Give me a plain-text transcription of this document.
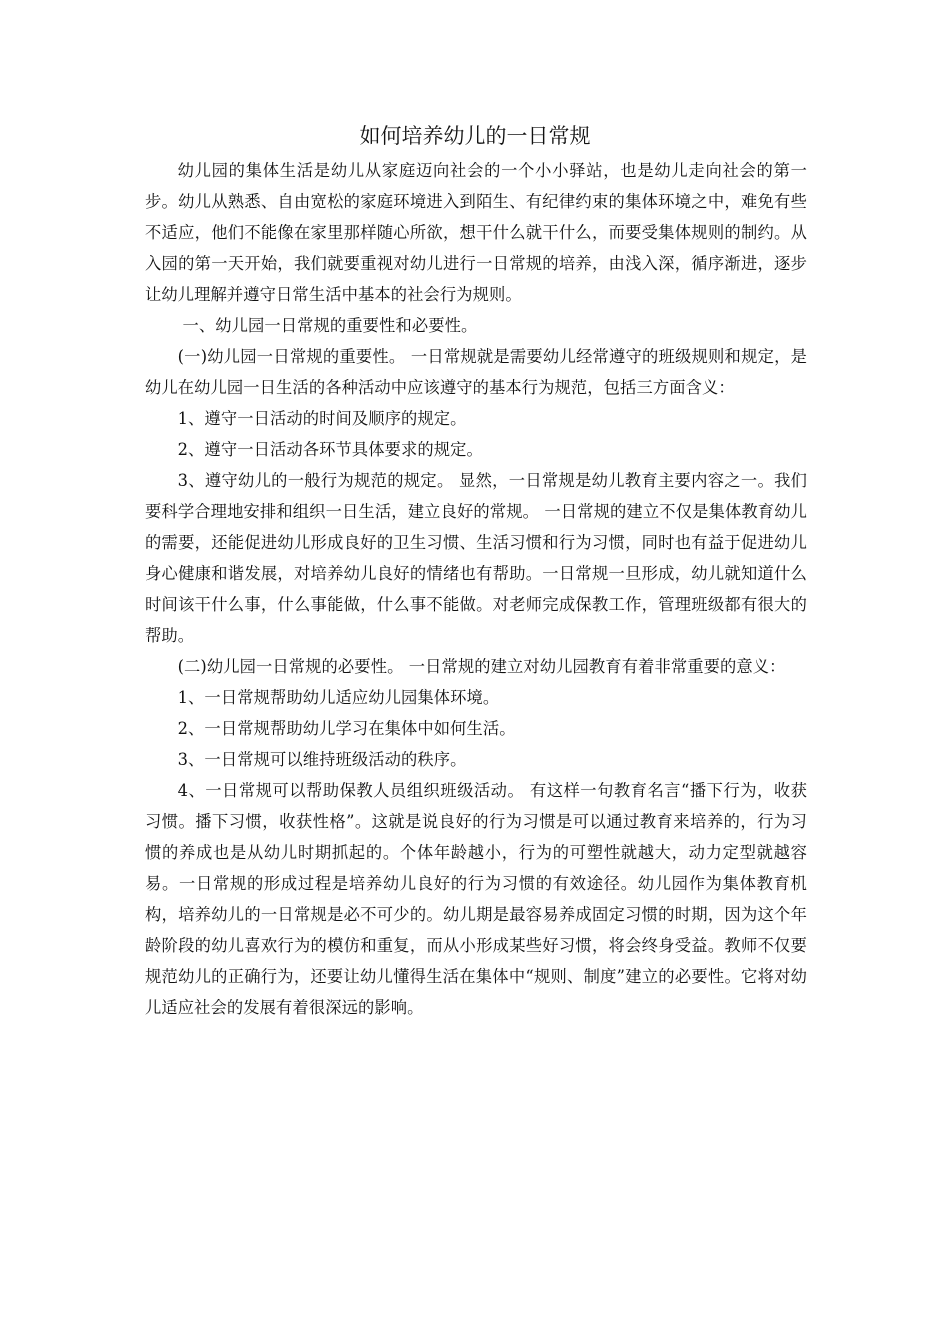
如何培养幼儿的一日常规

幼儿园的集体生活是幼儿从家庭迈向社会的一个小小驿站，也是幼儿走向社会的第一步。幼儿从熟悉、自由宽松的家庭环境进入到陌生、有纪律约束的集体环境之中，难免有些不适应，他们不能像在家里那样随心所欲，想干什么就干什么，而要受集体规则的制约。从入园的第一天开始，我们就要重视对幼儿进行一日常规的培养，由浅入深，循序渐进，逐步让幼儿理解并遵守日常生活中基本的社会行为规则。

一、幼儿园一日常规的重要性和必要性。

(一)幼儿园一日常规的重要性。 一日常规就是需要幼儿经常遵守的班级规则和规定，是幼儿在幼儿园一日生活的各种活动中应该遵守的基本行为规范，包括三方面含义：

1、遵守一日活动的时间及顺序的规定。

2、遵守一日活动各环节具体要求的规定。

3、遵守幼儿的一般行为规范的规定。 显然，一日常规是幼儿教育主要内容之一。我们要科学合理地安排和组织一日生活，建立良好的常规。 一日常规的建立不仅是集体教育幼儿的需要，还能促进幼儿形成良好的卫生习惯、生活习惯和行为习惯，同时也有益于促进幼儿身心健康和谐发展，对培养幼儿良好的情绪也有帮助。一日常规一旦形成，幼儿就知道什么时间该干什么事，什么事能做，什么事不能做。对老师完成保教工作，管理班级都有很大的帮助。

(二)幼儿园一日常规的必要性。 一日常规的建立对幼儿园教育有着非常重要的意义：

1、一日常规帮助幼儿适应幼儿园集体环境。

2、一日常规帮助幼儿学习在集体中如何生活。

3、一日常规可以维持班级活动的秩序。

4、一日常规可以帮助保教人员组织班级活动。 有这样一句教育名言“播下行为，收获习惯。播下习惯，收获性格”。这就是说良好的行为习惯是可以通过教育来培养的，行为习惯的养成也是从幼儿时期抓起的。个体年龄越小，行为的可塑性就越大，动力定型就越容易。一日常规的形成过程是培养幼儿良好的行为习惯的有效途径。幼儿园作为集体教育机构，培养幼儿的一日常规是必不可少的。幼儿期是最容易养成固定习惯的时期，因为这个年龄阶段的幼儿喜欢行为的模仿和重复，而从小形成某些好习惯，将会终身受益。教师不仅要规范幼儿的正确行为，还要让幼儿懂得生活在集体中“规则、制度”建立的必要性。它将对幼儿适应社会的发展有着很深远的影响。
